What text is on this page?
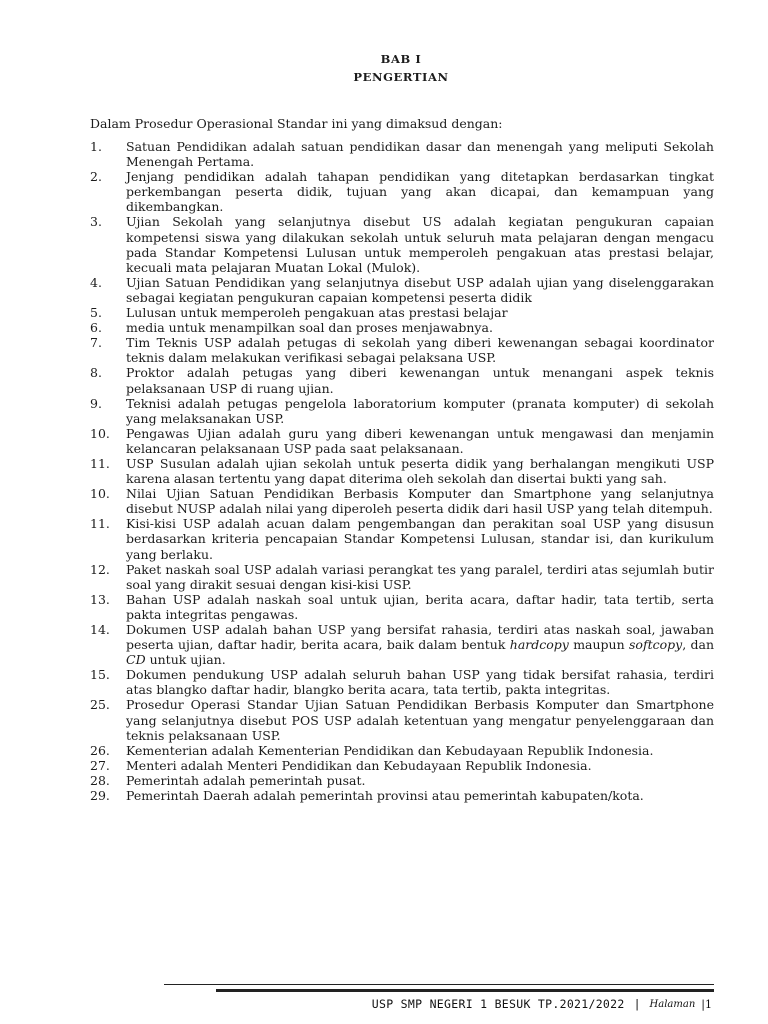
BAB I
PENGERTIAN

Dalam Prosedur Operasional Standar ini yang dimaksud dengan:

1.	Satuan Pendidikan adalah satuan pendidikan dasar dan menengah yang meliputi Sekolah Menengah Pertama.
2.	Jenjang pendidikan adalah tahapan pendidikan yang ditetapkan berdasarkan tingkat perkembangan peserta didik, tujuan yang akan dicapai, dan kemampuan yang dikembangkan.
3.	Ujian Sekolah yang selanjutnya disebut US adalah kegiatan pengukuran capaian kompetensi siswa yang dilakukan sekolah untuk seluruh mata pelajaran dengan mengacu pada Standar Kompetensi Lulusan untuk memperoleh pengakuan atas prestasi belajar, kecuali mata pelajaran Muatan Lokal (Mulok).
4.	Ujian Satuan Pendidikan yang selanjutnya disebut USP adalah ujian yang diselenggarakan sebagai kegiatan pengukuran capaian kompetensi peserta didik
5.	Lulusan untuk memperoleh pengakuan atas prestasi belajar
6.	media untuk menampilkan soal dan proses menjawabnya.
7.	Tim Teknis USP adalah petugas di sekolah yang diberi kewenangan sebagai koordinator teknis dalam melakukan verifikasi sebagai pelaksana USP.
8.	Proktor adalah petugas yang diberi kewenangan untuk menangani aspek teknis pelaksanaan USP di ruang ujian.
9.	Teknisi adalah petugas pengelola laboratorium komputer (pranata komputer) di sekolah yang melaksanakan USP.
10.	Pengawas Ujian adalah guru yang diberi kewenangan untuk mengawasi dan menjamin kelancaran pelaksanaan USP pada saat pelaksanaan.
11.	USP Susulan adalah ujian sekolah untuk peserta didik yang berhalangan mengikuti USP karena alasan tertentu yang dapat diterima oleh sekolah dan disertai bukti yang sah.
10.	Nilai Ujian Satuan Pendidikan Berbasis Komputer dan Smartphone yang selanjutnya disebut NUSP adalah nilai yang diperoleh peserta didik dari hasil USP yang telah ditempuh.
11.	Kisi-kisi USP adalah acuan dalam pengembangan dan perakitan soal USP yang disusun berdasarkan kriteria pencapaian Standar Kompetensi Lulusan, standar isi, dan kurikulum yang berlaku.
12.	Paket naskah soal USP adalah variasi perangkat tes yang paralel, terdiri atas sejumlah butir soal yang dirakit sesuai dengan kisi-kisi USP.
13.	Bahan USP adalah naskah soal untuk ujian, berita acara, daftar hadir, tata tertib, serta pakta integritas pengawas.
14.	Dokumen USP adalah bahan USP yang bersifat rahasia, terdiri atas naskah soal, jawaban peserta ujian, daftar hadir, berita acara, baik dalam bentuk hardcopy maupun softcopy, dan CD untuk ujian.
15.	Dokumen pendukung USP adalah seluruh bahan USP yang tidak bersifat rahasia, terdiri atas blangko daftar hadir, blangko berita acara, tata tertib, pakta integritas.
25.	Prosedur Operasi Standar Ujian Satuan Pendidikan Berbasis Komputer dan Smartphone yang selanjutnya disebut POS USP adalah ketentuan yang mengatur penyelenggaraan dan teknis pelaksanaan USP.
26.	Kementerian adalah Kementerian Pendidikan dan Kebudayaan Republik Indonesia.
27.	Menteri adalah Menteri Pendidikan dan Kebudayaan Republik Indonesia.
28.	Pemerintah adalah pemerintah pusat.
29.	Pemerintah Daerah adalah pemerintah provinsi atau pemerintah kabupaten/kota.
USP SMP NEGERI 1 BESUK TP.2021/2022 | Halaman |1
